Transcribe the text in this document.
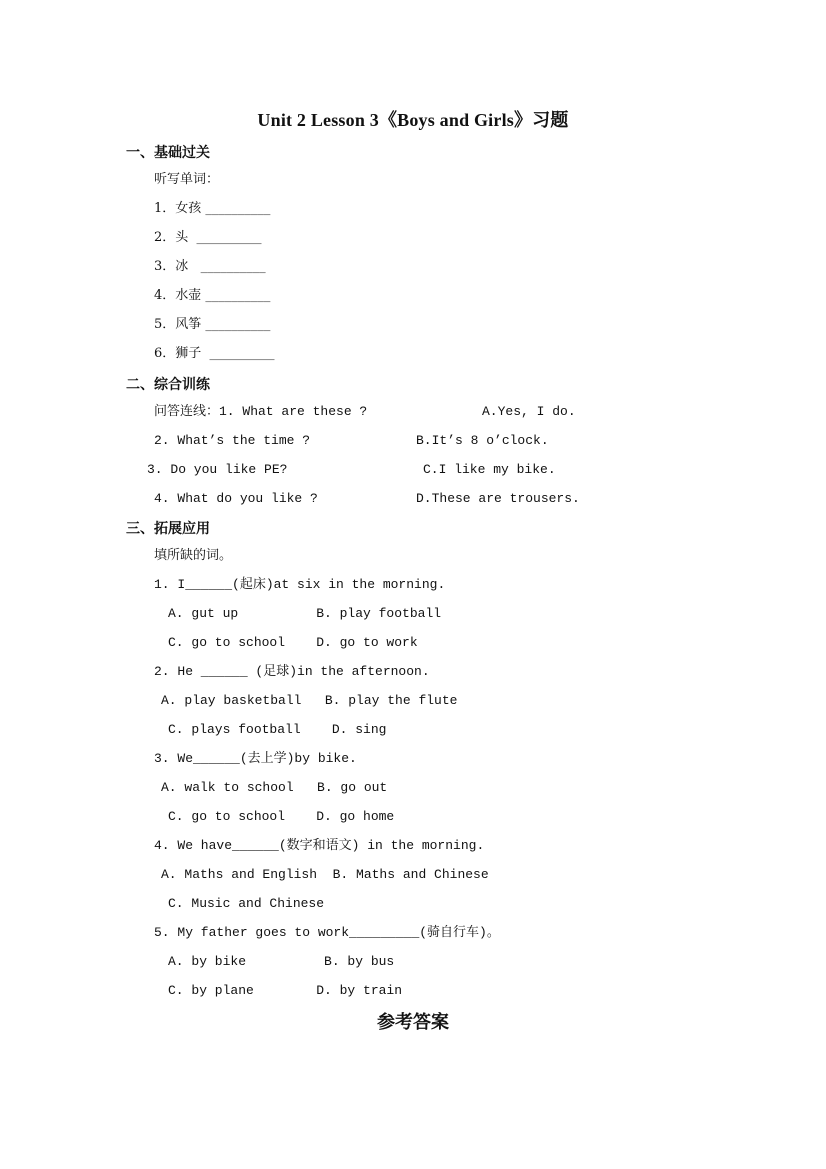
Unit 2 Lesson 3《Boys and Girls》习题
一、基础过关
听写单词：
1．女孩 __________
2．头  __________
3．冰   __________
4．水壶 __________
5．风筝 __________
6．狮子  __________
二、综合训练
问答连线：1. What are these ?	A.Yes, I do.
2. What’s the time ?	B.It’s 8 o’clock.
3. Do you like PE?	C.I like my bike.
4. What do you like ?	D.These are trousers.
三、拓展应用
填所缺的词。
1. I______(起床)at six in the morning.
A. gut up          B. play football
C. go to school    D. go to work
2. He ______ (足球)in the afternoon.
A. play basketball   B. play the flute
C. plays football    D. sing
3. We______(去上学)by bike.
A. walk to school   B. go out
C. go to school    D. go home
4. We have______(数字和语文) in the morning.
A. Maths and English  B. Maths and Chinese
C. Music and Chinese
5. My father goes to work_________(骑自行车)。
A. by bike          B. by bus
C. by plane        D. by train
参考答案
